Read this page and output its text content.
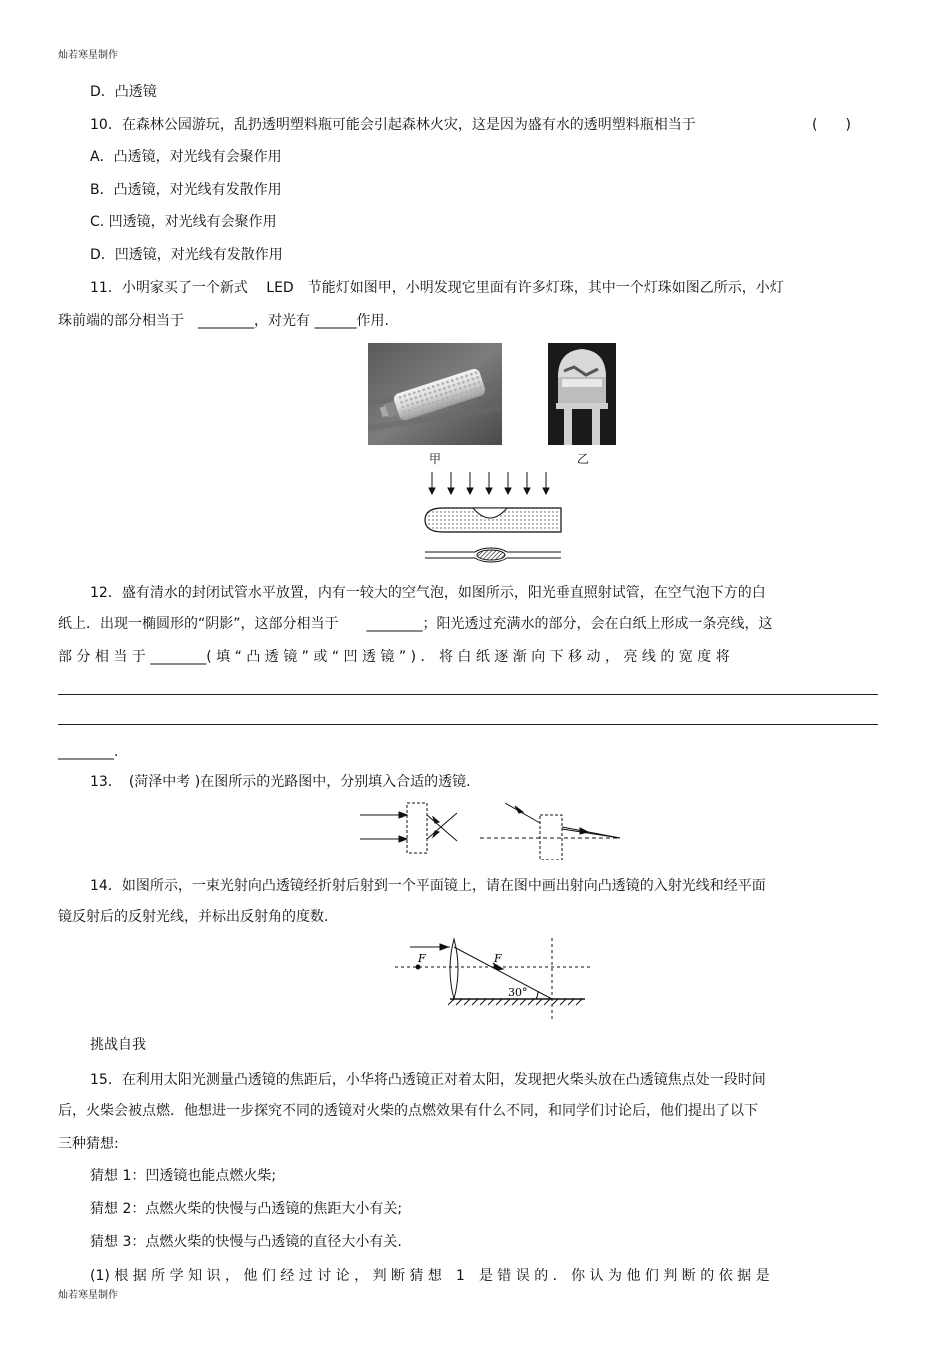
灿若寒星制作
D．凸透镜
10．在森林公园游玩，乱扔透明塑料瓶可能会引起森林火灾，这是因为盛有水的透明塑料瓶相当于	(　　)
A．凸透镜，对光线有会聚作用
B．凸透镜，对光线有发散作用
C. 凹透镜，对光线有会聚作用
D．凹透镜，对光线有发散作用
11．小明家买了一个新式　 LED　节能灯如图甲，小明发现它里面有许多灯珠，其中一个灯珠如图乙所示，小灯
珠前端的部分相当于　________，对光有 ______作用.
甲	乙
12．盛有清水的封闭试管水平放置，内有一较大的空气泡，如图所示，阳光垂直照射试管，在空气泡下方的白
纸上．出现一椭圆形的“阴影”，这部分相当于　　________；阳光透过充满水的部分，会在白纸上形成一条亮线，这
部 分 相 当 于 ________( 填 “ 凸 透 镜 ” 或 “ 凹 透 镜 ” ) ． 将 白 纸 逐 渐 向 下 移 动 ， 亮 线 的 宽 度 将
________.
13．　(菏泽中考 )在图所示的光路图中，分别填入合适的透镜.
14．如图所示，一束光射向凸透镜经折射后射到一个平面镜上，请在图中画出射向凸透镜的入射光线和经平面
镜反射后的反射光线，并标出反射角的度数.
F	F
30°
挑战自我
15．在利用太阳光测量凸透镜的焦距后，小华将凸透镜正对着太阳，发现把火柴头放在凸透镜焦点处一段时间
后，火柴会被点燃．他想进一步探究不同的透镜对火柴的点燃效果有什么不同，和同学们讨论后，他们提出了以下
三种猜想:
猜想 1：凹透镜也能点燃火柴;
猜想 2：点燃火柴的快慢与凸透镜的焦距大小有关;
猜想 3：点燃火柴的快慢与凸透镜的直径大小有关.
(1) 根 据 所 学 知 识 ， 他 们 经 过 讨 论 ， 判 断 猜 想　1　是 错 误 的 ． 你 认 为 他 们 判 断 的 依 据 是
灿若寒星制作
